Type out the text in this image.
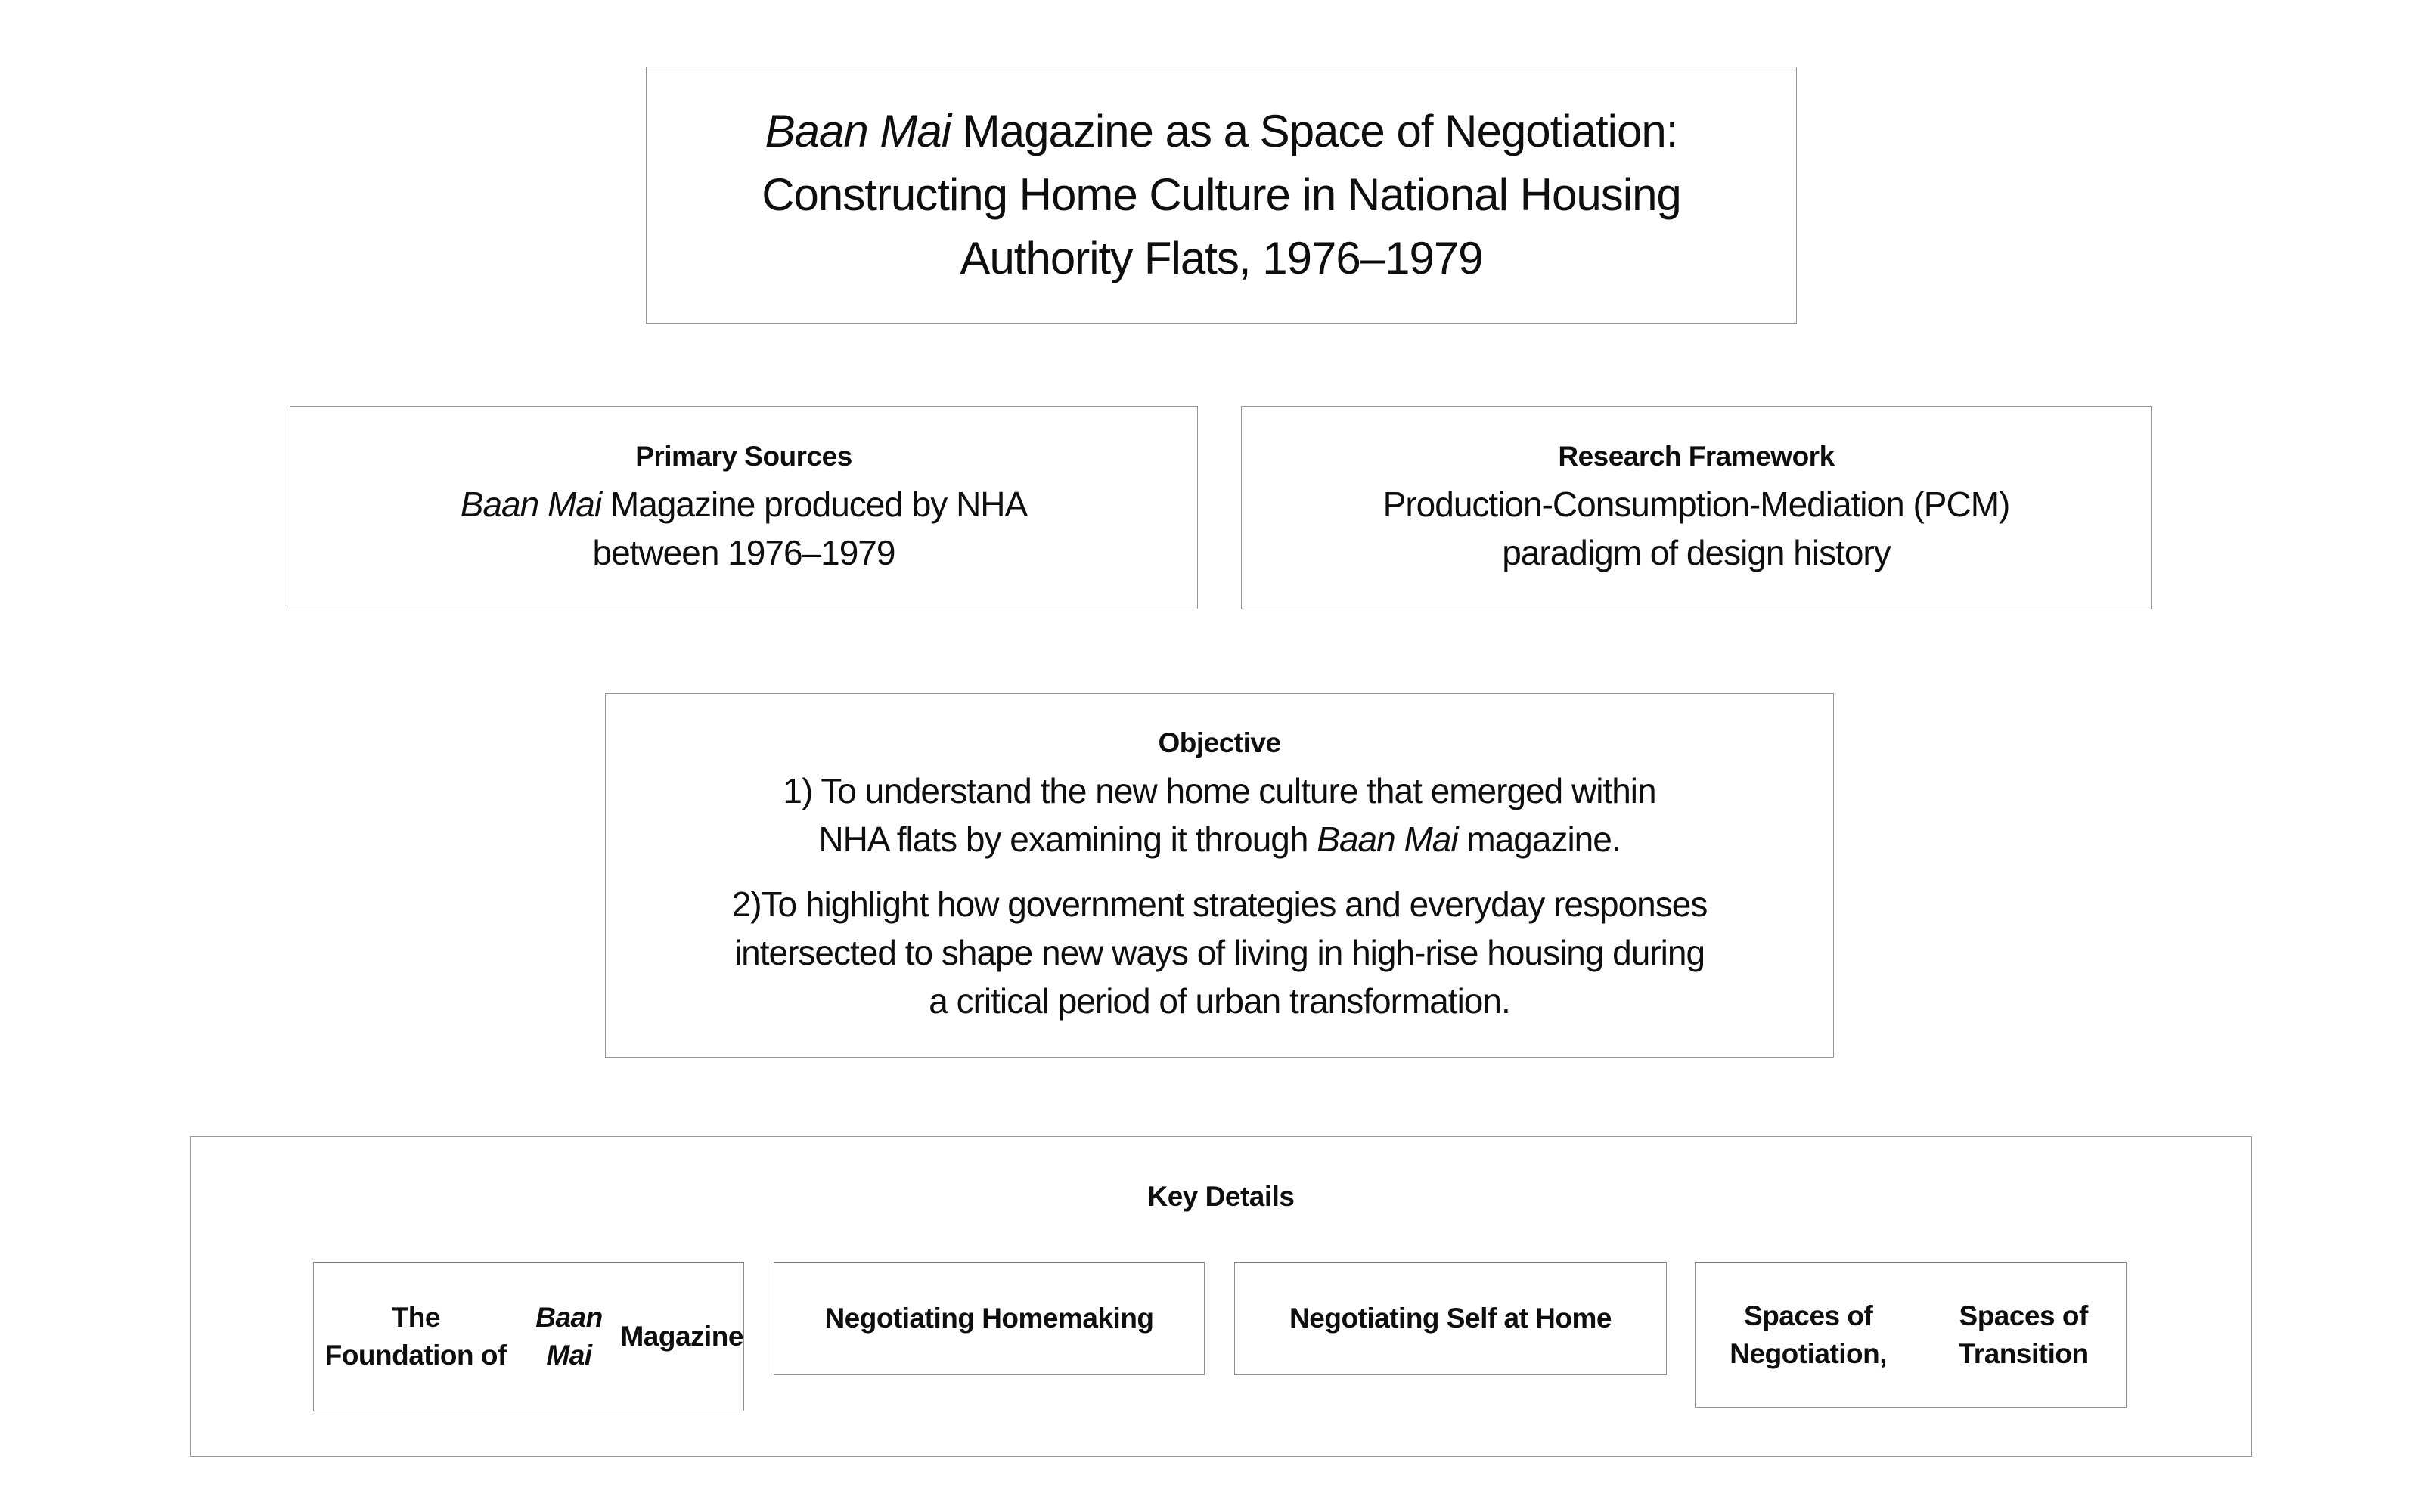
Baan Mai Magazine as a Space of Negotiation:
Constructing Home Culture in National Housing
Authority Flats, 1976–1979
Primary Sources
Baan Mai Magazine produced by NHA
between 1976–1979
Research Framework
Production-Consumption-Mediation (PCM)
paradigm of design history
Objective
1) To understand the new home culture that emerged within
NHA flats by examining it through Baan Mai magazine.
2)To highlight how government strategies and everyday responses
intersected to shape new ways of living in high-rise housing during
a critical period of urban transformation.
Key Details
The Foundation of

Baan Mai
Magazine
Negotiating Homemaking	Negotiating Self at Home	Spaces of Negotiation,

Spaces of Transition
